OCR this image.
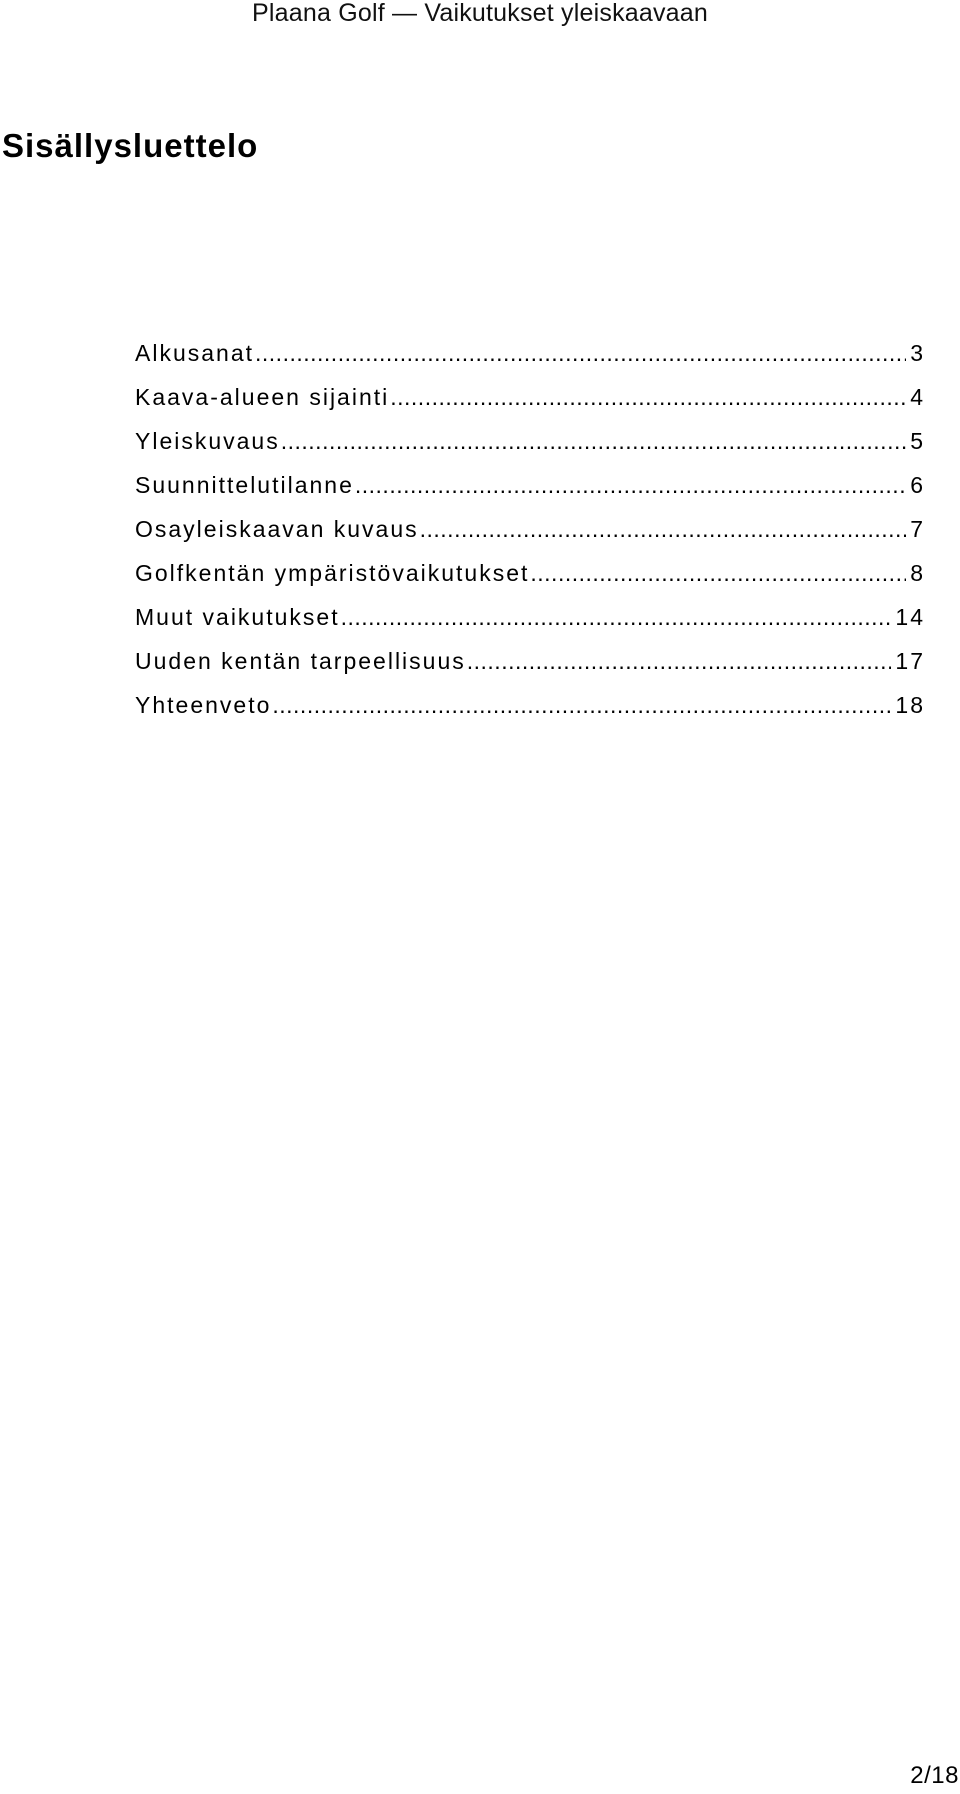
Plaana Golf — Vaikutukset yleiskaavaan
Sisällysluettelo
Alkusanat .....	3
Kaava-alueen sijainti .....	4
Yleiskuvaus .....	5
Suunnittelutilanne .....	6
Osayleiskaavan kuvaus .....	7
Golfkentän ympäristövaikutukset .....	8
Muut vaikutukset .....	14
Uuden kentän tarpeellisuus .....	17
Yhteenveto .....	18
2/18
